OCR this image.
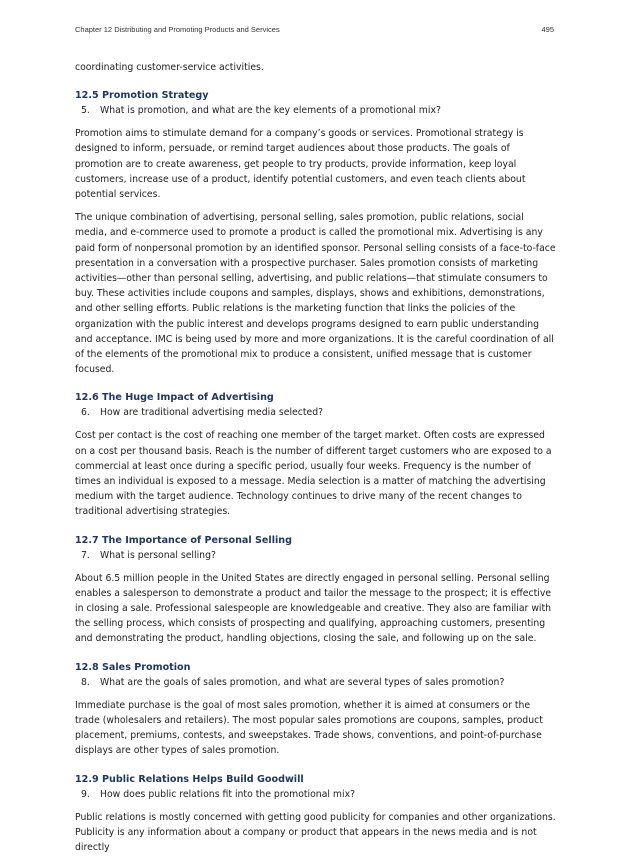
Chapter 12 Distributing and Promoting Products and Services	495

coordinating customer-service activities.

12.5 Promotion Strategy
5.	What is promotion, and what are the key elements of a promotional mix?

Promotion aims to stimulate demand for a company’s goods or services. Promotional strategy is designed to inform, persuade, or remind target audiences about those products. The goals of promotion are to create awareness, get people to try products, provide information, keep loyal customers, increase use of a product, identify potential customers, and even teach clients about potential services.

The unique combination of advertising, personal selling, sales promotion, public relations, social media, and e-commerce used to promote a product is called the promotional mix. Advertising is any paid form of nonpersonal promotion by an identified sponsor. Personal selling consists of a face-to-face presentation in a conversation with a prospective purchaser. Sales promotion consists of marketing activities—other than personal selling, advertising, and public relations—that stimulate consumers to buy. These activities include coupons and samples, displays, shows and exhibitions, demonstrations, and other selling efforts. Public relations is the marketing function that links the policies of the organization with the public interest and develops programs designed to earn public understanding and acceptance. IMC is being used by more and more organizations. It is the careful coordination of all of the elements of the promotional mix to produce a consistent, unified message that is customer focused.

12.6 The Huge Impact of Advertising
6.	How are traditional advertising media selected?

Cost per contact is the cost of reaching one member of the target market. Often costs are expressed on a cost per thousand basis. Reach is the number of different target customers who are exposed to a commercial at least once during a specific period, usually four weeks. Frequency is the number of times an individual is exposed to a message. Media selection is a matter of matching the advertising medium with the target audience. Technology continues to drive many of the recent changes to traditional advertising strategies.

12.7 The Importance of Personal Selling
7.	What is personal selling?

About 6.5 million people in the United States are directly engaged in personal selling. Personal selling enables a salesperson to demonstrate a product and tailor the message to the prospect; it is effective in closing a sale. Professional salespeople are knowledgeable and creative. They also are familiar with the selling process, which consists of prospecting and qualifying, approaching customers, presenting and demonstrating the product, handling objections, closing the sale, and following up on the sale.

12.8 Sales Promotion
8.	What are the goals of sales promotion, and what are several types of sales promotion?

Immediate purchase is the goal of most sales promotion, whether it is aimed at consumers or the trade (wholesalers and retailers). The most popular sales promotions are coupons, samples, product placement, premiums, contests, and sweepstakes. Trade shows, conventions, and point-of-purchase displays are other types of sales promotion.

12.9 Public Relations Helps Build Goodwill
9.	How does public relations fit into the promotional mix?

Public relations is mostly concerned with getting good publicity for companies and other organizations. Publicity is any information about a company or product that appears in the news media and is not directly
